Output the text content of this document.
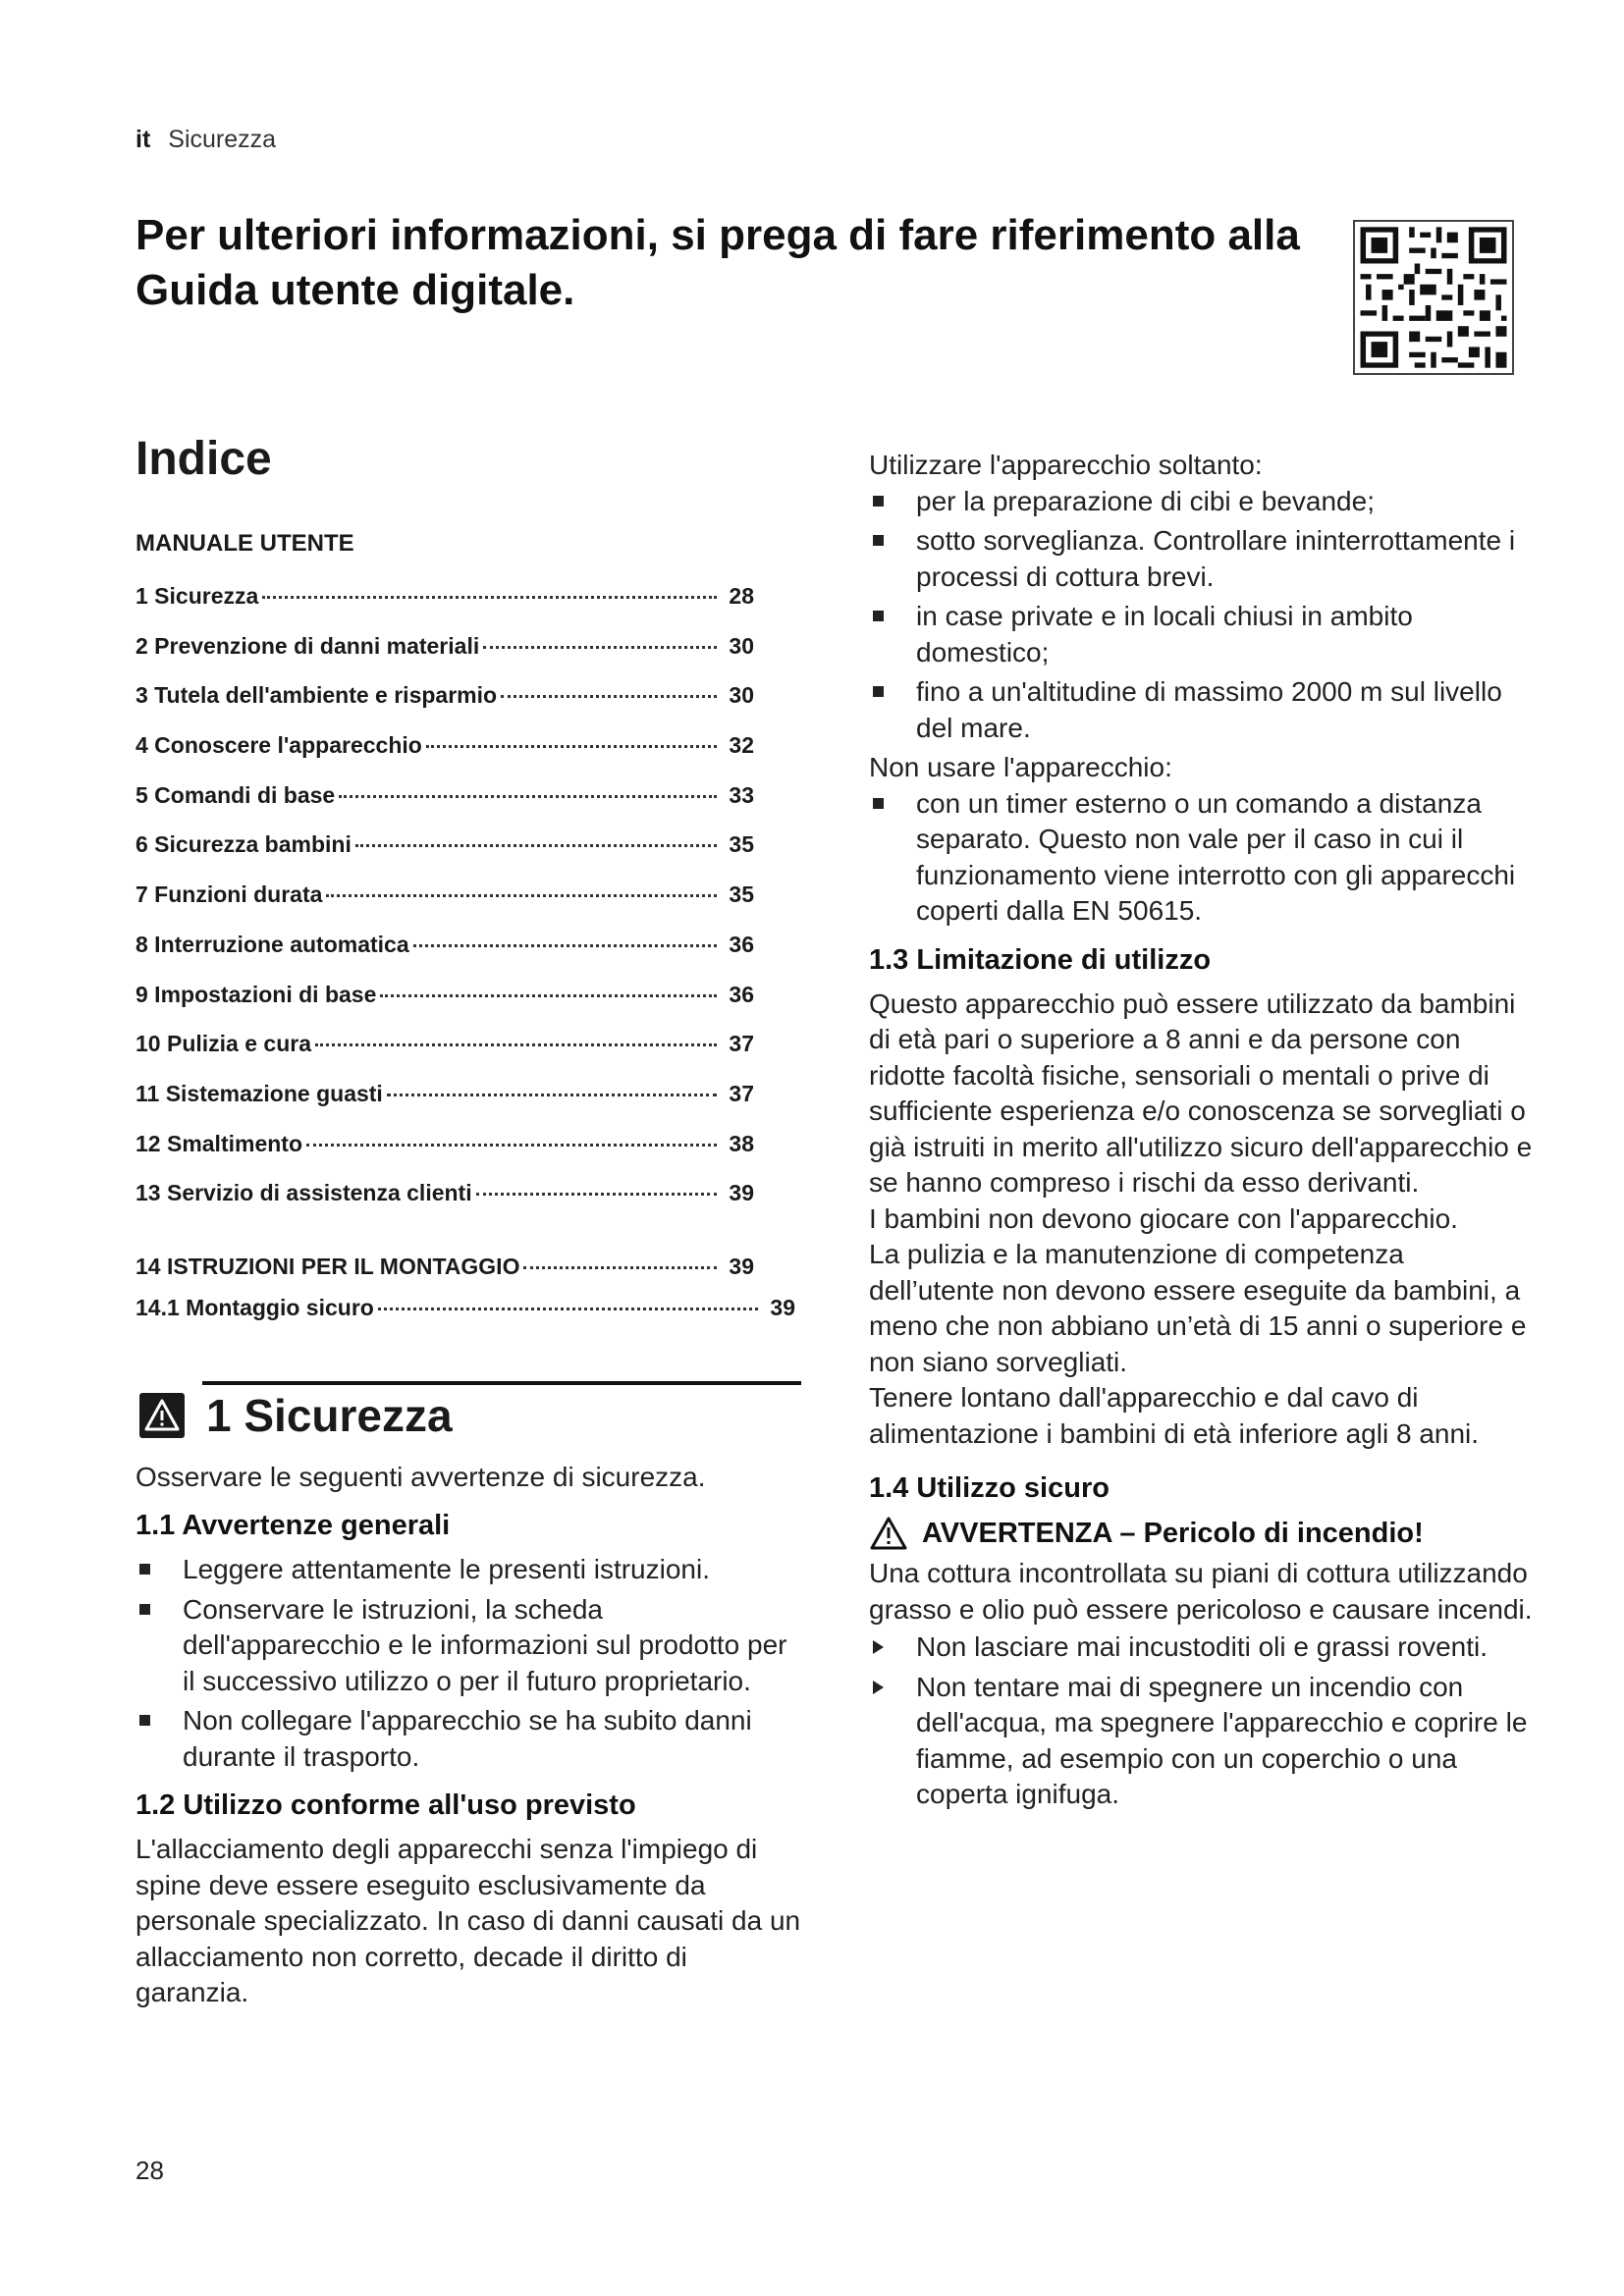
it Sicurezza
Per ulteriori informazioni, si prega di fare riferimento alla Guida utente digitale.
Indice
MANUALE UTENTE
1 Sicurezza	28
2 Prevenzione di danni materiali	30
3 Tutela dell'ambiente e risparmio	30
4 Conoscere l'apparecchio	32
5 Comandi di base	33
6 Sicurezza bambini	35
7 Funzioni durata	35
8 Interruzione automatica	36
9 Impostazioni di base	36
10 Pulizia e cura	37
11 Sistemazione guasti	37
12 Smaltimento	38
13 Servizio di assistenza clienti	39
14 ISTRUZIONI PER IL MONTAGGIO	39
14.1 Montaggio sicuro	39
1 Sicurezza

Osservare le seguenti avvertenze di sicurezza.

1.1 Avvertenze generali
Leggere attentamente le presenti istruzioni.
Conservare le istruzioni, la scheda dell'apparecchio e le informazioni sul prodotto per il successivo utilizzo o per il futuro proprietario.
Non collegare l'apparecchio se ha subito danni durante il trasporto.
1.2 Utilizzo conforme all'uso previsto

L'allacciamento degli apparecchi senza l'impiego di spine deve essere eseguito esclusivamente da personale specializzato. In caso di danni causati da un allacciamento non corretto, decade il diritto di garanzia.

Utilizzare l'apparecchio soltanto:

per la preparazione di cibi e bevande;
sotto sorveglianza. Controllare ininterrottamente i processi di cottura brevi.
in case private e in locali chiusi in ambito domestico;
fino a un'altitudine di massimo 2000 m sul livello del mare.

Non usare l'apparecchio:

con un timer esterno o un comando a distanza separato. Questo non vale per il caso in cui il funzionamento viene interrotto con gli apparecchi coperti dalla EN 50615.
1.3 Limitazione di utilizzo

Questo apparecchio può essere utilizzato da bambini di età pari o superiore a 8 anni e da persone con ridotte facoltà fisiche, sensoriali o mentali o prive di sufficiente esperienza e/o conoscenza se sorvegliati o già istruiti in merito all'utilizzo sicuro dell'apparecchio e se hanno compreso i rischi da esso derivanti.

I bambini non devono giocare con l'apparecchio.

La pulizia e la manutenzione di competenza dell’utente non devono essere eseguite da bambini, a meno che non abbiano un’età di 15 anni o superiore e non siano sorvegliati.

Tenere lontano dall'apparecchio e dal cavo di alimentazione i bambini di età inferiore agli 8 anni.

1.4 Utilizzo sicuro
AVVERTENZA – Pericolo di incendio!

Una cottura incontrollata su piani di cottura utilizzando grasso e olio può essere pericoloso e causare incendi.

Non lasciare mai incustoditi oli e grassi roventi.
Non tentare mai di spegnere un incendio con dell'acqua, ma spegnere l'apparecchio e coprire le fiamme, ad esempio con un coperchio o una coperta ignifuga.
28
